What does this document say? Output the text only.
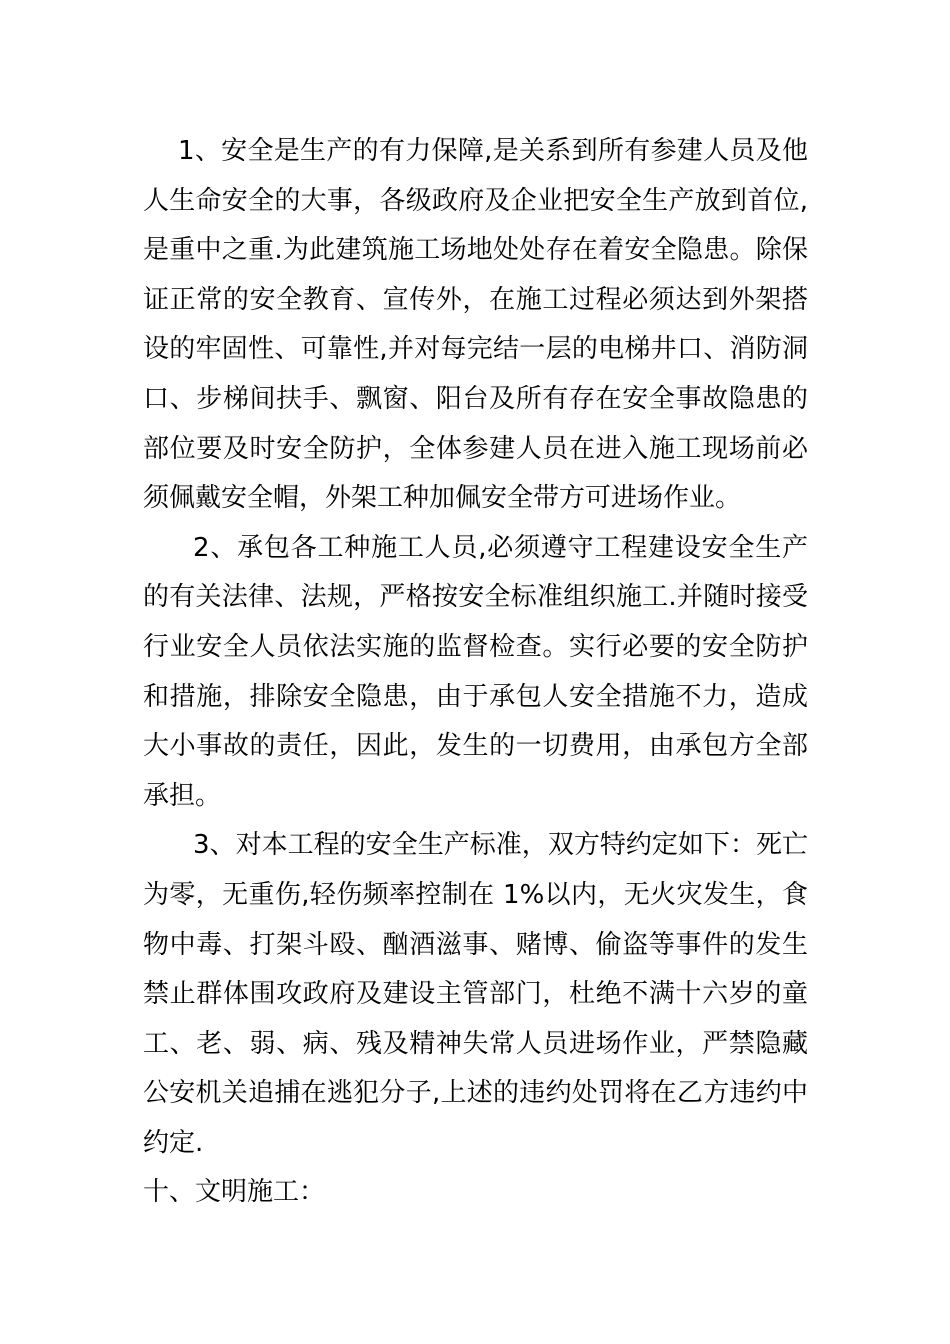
1、安全是生产的有力保障,是关系到所有参建人员及他人生命安全的大事，各级政府及企业把安全生产放到首位,是重中之重.为此建筑施工场地处处存在着安全隐患。除保证正常的安全教育、宣传外，在施工过程必须达到外架搭设的牢固性、可靠性,并对每完结一层的电梯井口、消防洞口、步梯间扶手、飘窗、阳台及所有存在安全事故隐患的部位要及时安全防护，全体参建人员在进入施工现场前必须佩戴安全帽，外架工种加佩安全带方可进场作业。

2、承包各工种施工人员,必须遵守工程建设安全生产的有关法律、法规，严格按安全标准组织施工.并随时接受行业安全人员依法实施的监督检查。实行必要的安全防护和措施，排除安全隐患，由于承包人安全措施不力，造成大小事故的责任，因此，发生的一切费用，由承包方全部承担。

3、对本工程的安全生产标准，双方特约定如下：死亡为零，无重伤,轻伤频率控制在 1%以内，无火灾发生，食物中毒、打架斗殴、酗酒滋事、赌博、偷盗等事件的发生禁止群体围攻政府及建设主管部门，杜绝不满十六岁的童工、老、弱、病、残及精神失常人员进场作业，严禁隐藏公安机关追捕在逃犯分子,上述的违约处罚将在乙方违约中约定.

十、文明施工：
